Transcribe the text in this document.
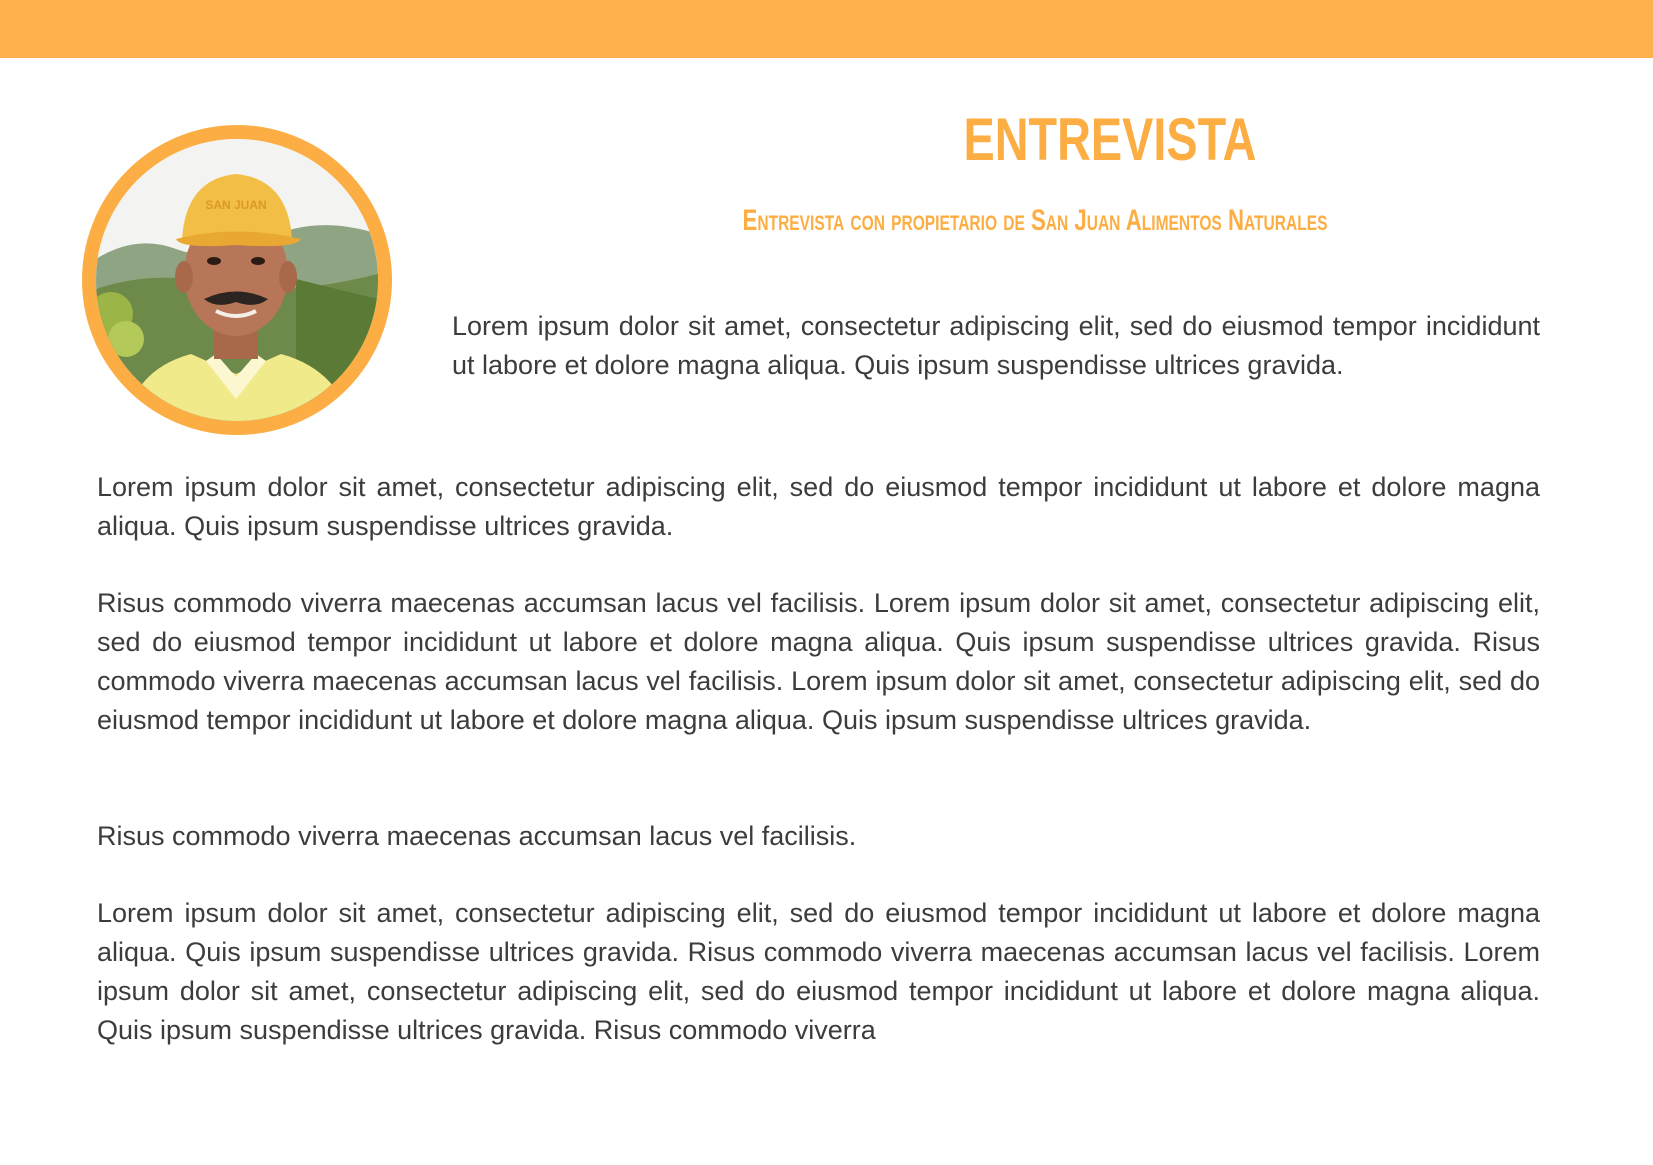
SAN JUAN
ENTREVISTA
Entrevista con propietario de San Juan Alimentos Naturales

Lorem ipsum dolor sit amet, consectetur adipiscing elit, sed do eiusmod tempor incididunt ut labore et dolore magna aliqua. Quis ipsum suspendisse ultrices gravida.

Lorem ipsum dolor sit amet, consectetur adipiscing elit, sed do eiusmod tempor incididunt ut labore et dolore magna aliqua. Quis ipsum suspendisse ultrices gravida.

Risus commodo viverra maecenas accumsan lacus vel facilisis. Lorem ipsum dolor sit amet, consectetur adipiscing elit, sed do eiusmod tempor incididunt ut labore et dolore magna aliqua. Quis ipsum suspendisse ultrices gravida. Risus commodo viverra maecenas accumsan lacus vel facilisis. Lorem ipsum dolor sit amet, consectetur adipiscing elit, sed do eiusmod tempor incididunt ut labore et dolore magna aliqua. Quis ipsum suspendisse ultrices gravida.

Risus commodo viverra maecenas accumsan lacus vel facilisis.

Lorem ipsum dolor sit amet, consectetur adipiscing elit, sed do eiusmod tempor incididunt ut labore et dolore magna aliqua. Quis ipsum suspendisse ultrices gravida. Risus commodo viverra maecenas accumsan lacus vel facilisis. Lorem ipsum dolor sit amet, consectetur adipiscing elit, sed do eiusmod tempor incididunt ut labore et dolore magna aliqua. Quis ipsum suspendisse ultrices gravida. Risus commodo viverra
